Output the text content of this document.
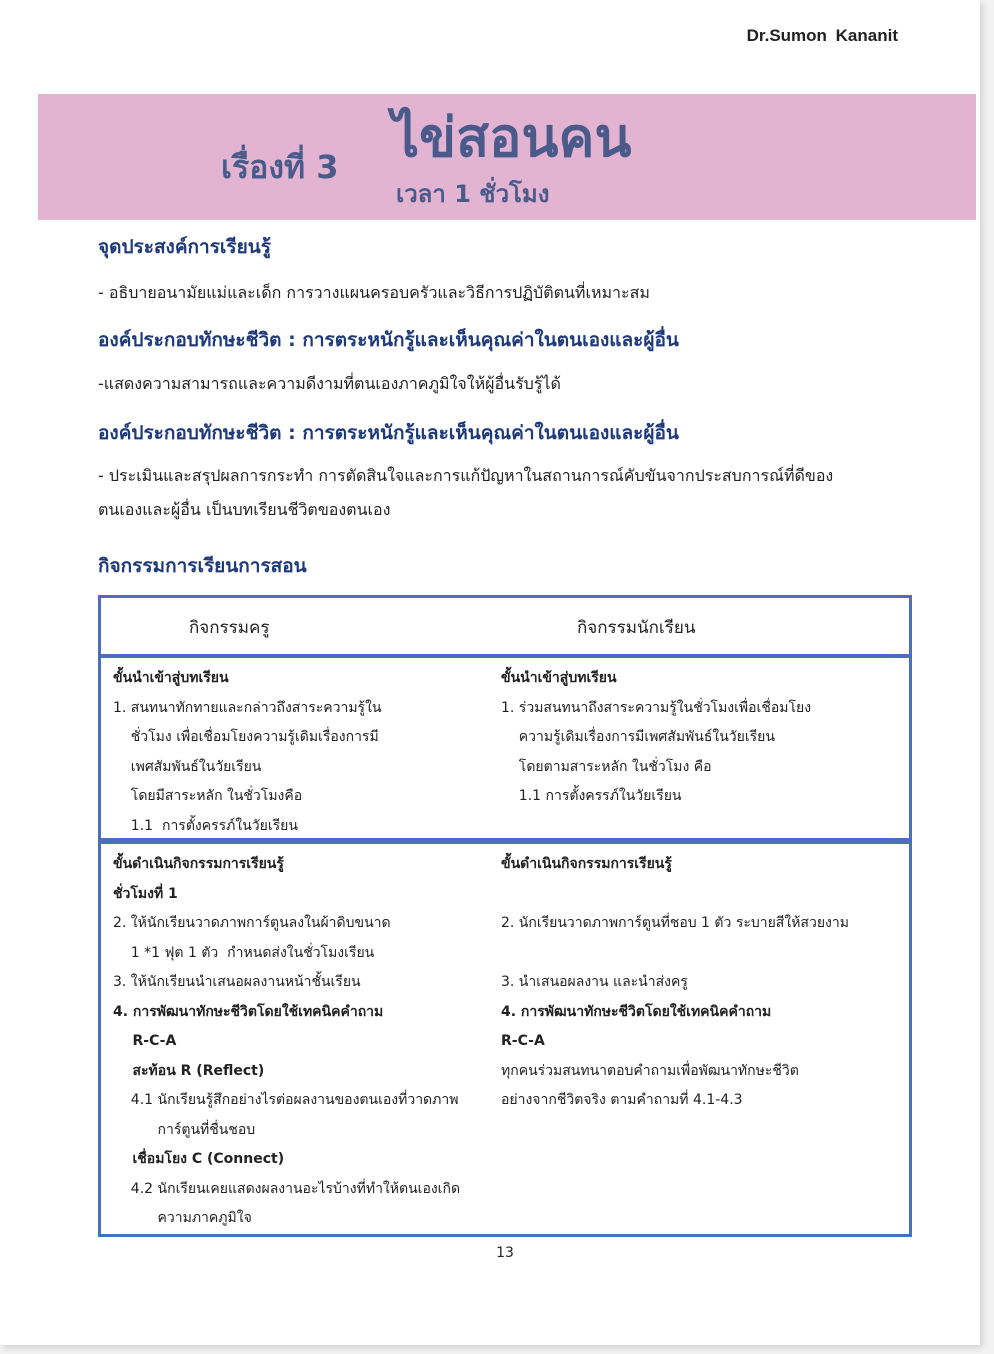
Dr.Sumon Kananit
เรื่องที่ 3 ไข่สอนคน
เวลา 1 ชั่วโมง
จุดประสงค์การเรียนรู้
- อธิบายอนามัยแม่และเด็ก การวางแผนครอบครัวและวิธีการปฏิบัติตนที่เหมาะสม
องค์ประกอบทักษะชีวิต : การตระหนักรู้และเห็นคุณค่าในตนเองและผู้อื่น
-แสดงความสามารถและความดีงามที่ตนเองภาคภูมิใจให้ผู้อื่นรับรู้ได้
องค์ประกอบทักษะชีวิต : การตระหนักรู้และเห็นคุณค่าในตนเองและผู้อื่น
- ประเมินและสรุปผลการกระทำ การตัดสินใจและการแก้ปัญหาในสถานการณ์คับขันจากประสบการณ์ที่ดีของ
ตนเองและผู้อื่น เป็นบทเรียนชีวิตของตนเอง
กิจกรรมการเรียนการสอน
กิจกรรมครู	กิจกรรมนักเรียน
ขั้นนำเข้าสู่บทเรียน
1. สนทนาทักทายและกล่าวถึงสาระความรู้ใน
ชั่วโมง เพื่อเชื่อมโยงความรู้เดิมเรื่องการมี
เพศสัมพันธ์ในวัยเรียน
โดยมีสาระหลัก ในชั่วโมงคือ
1.1  การตั้งครรภ์ในวัยเรียน
ขั้นนำเข้าสู่บทเรียน
1. ร่วมสนทนาถึงสาระความรู้ในชั่วโมงเพื่อเชื่อมโยง
ความรู้เดิมเรื่องการมีเพศสัมพันธ์ในวัยเรียน
โดยตามสาระหลัก ในชั่วโมง คือ
1.1 การตั้งครรภ์ในวัยเรียน
ขั้นดำเนินกิจกรรมการเรียนรู้
ชั่วโมงที่ 1
2. ให้นักเรียนวาดภาพการ์ตูนลงในผ้าดิบขนาด
1 *1 ฟุต 1 ตัว  กำหนดส่งในชั่วโมงเรียน
3. ให้นักเรียนนำเสนอผลงานหน้าชั้นเรียน
4. การพัฒนาทักษะชีวิตโดยใช้เทคนิคคำถาม
R-C-A
สะท้อน R (Reflect)
4.1 นักเรียนรู้สึกอย่างไรต่อผลงานของตนเองที่วาดภาพ
การ์ตูนที่ชื่นชอบ
เชื่อมโยง C (Connect)
4.2 นักเรียนเคยแสดงผลงานอะไรบ้างที่ทำให้ตนเองเกิด
ความภาคภูมิใจ
ขั้นดำเนินกิจกรรมการเรียนรู้

2. นักเรียนวาดภาพการ์ตูนที่ชอบ 1 ตัว ระบายสีให้สวยงาม

3. นำเสนอผลงาน และนำส่งครู
4. การพัฒนาทักษะชีวิตโดยใช้เทคนิคคำถาม
R-C-A
ทุกคนร่วมสนทนาตอบคำถามเพื่อพัฒนาทักษะชีวิต
อย่างจากชีวิตจริง ตามคำถามที่ 4.1-4.3
13
